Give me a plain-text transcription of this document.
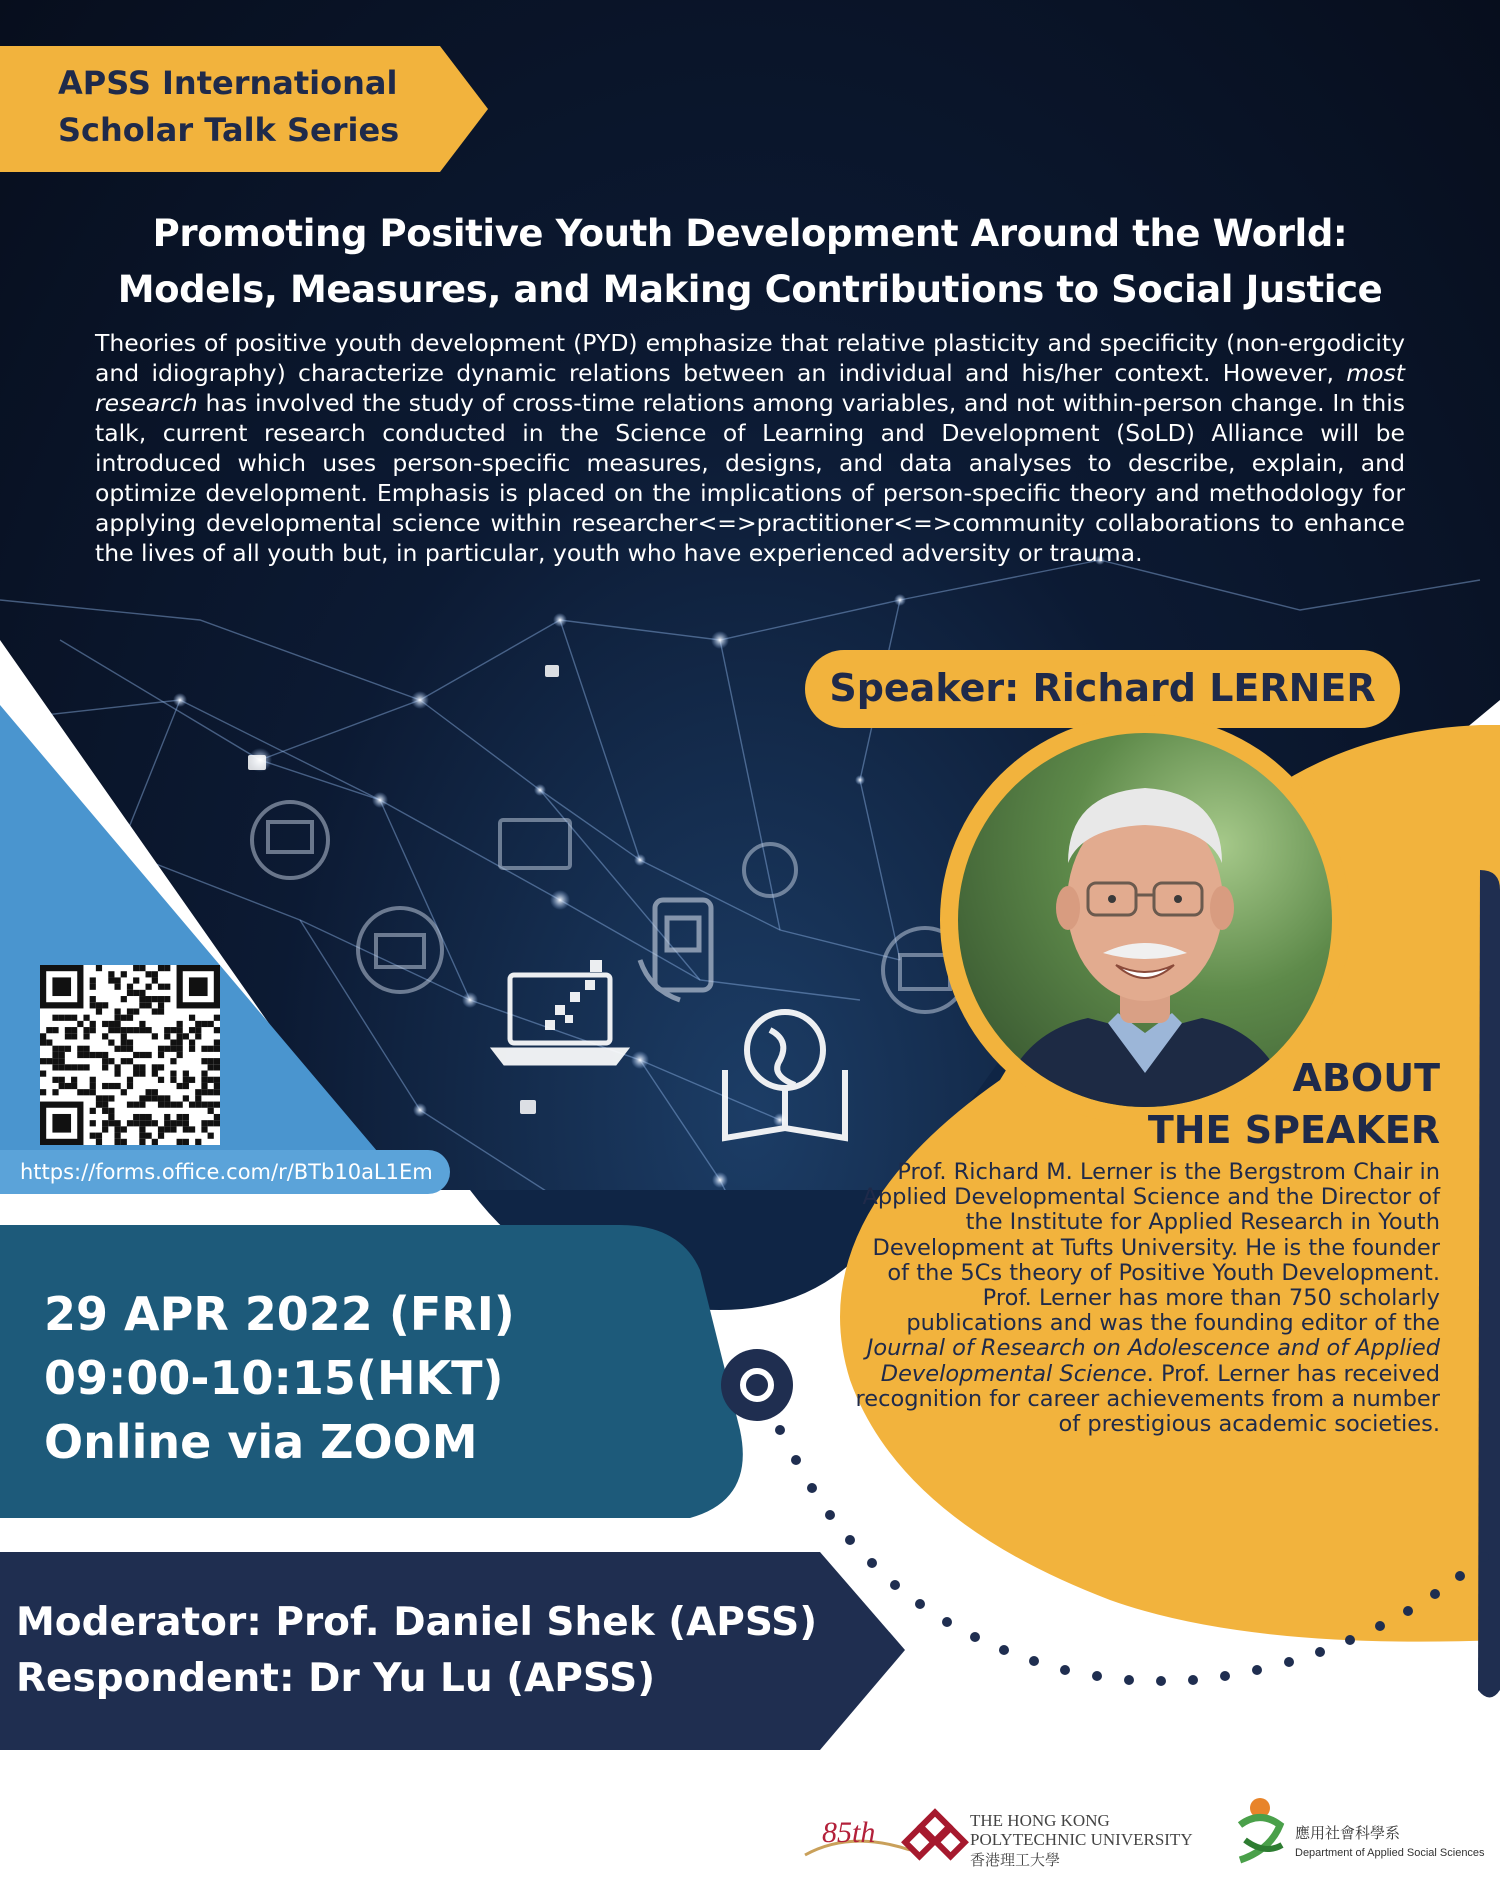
APSS International
Scholar Talk Series
Promoting Positive Youth Development Around the World:
Models, Measures, and Making Contributions to Social Justice
Theories of positive youth development (PYD) emphasize that relative plasticity and specificity (non-ergodicity and idiography) characterize dynamic relations between an individual and his/her context. However, most research has involved the study of cross-time relations among variables, and not within-person change. In this talk, current research conducted in the Science of Learning and Development (SoLD) Alliance will be introduced which uses person-specific measures, designs, and data analyses to describe, explain, and optimize development. Emphasis is placed on the implications of person-specific theory and methodology for applying developmental science within researcher<=>practitioner<=>community collaborations to enhance the lives of all youth but, in particular, youth who have experienced adversity or trauma.
Speaker: Richard LERNER
ABOUT
THE SPEAKER
Prof. Richard M. Lerner is the Bergstrom Chair in Applied Developmental Science and the Director of the Institute for Applied Research in Youth Development at Tufts University. He is the founder of the 5Cs theory of Positive Youth Development. Prof. Lerner has more than 750 scholarly publications and was the founding editor of the Journal of Research on Adolescence and of Applied Developmental Science. Prof. Lerner has received recognition for career achievements from a number of prestigious academic societies.
https://forms.office.com/r/BTb10aL1Em
29 APR 2022 (FRI)
09:00-10:15(HKT)
Online via ZOOM
Moderator: Prof. Daniel Shek (APSS)
Respondent: Dr Yu Lu (APSS)
85th	THE HONG KONG
POLYTECHNIC UNIVERSITY
香港理工大學
應用社會科學系
Department of Applied Social Sciences
